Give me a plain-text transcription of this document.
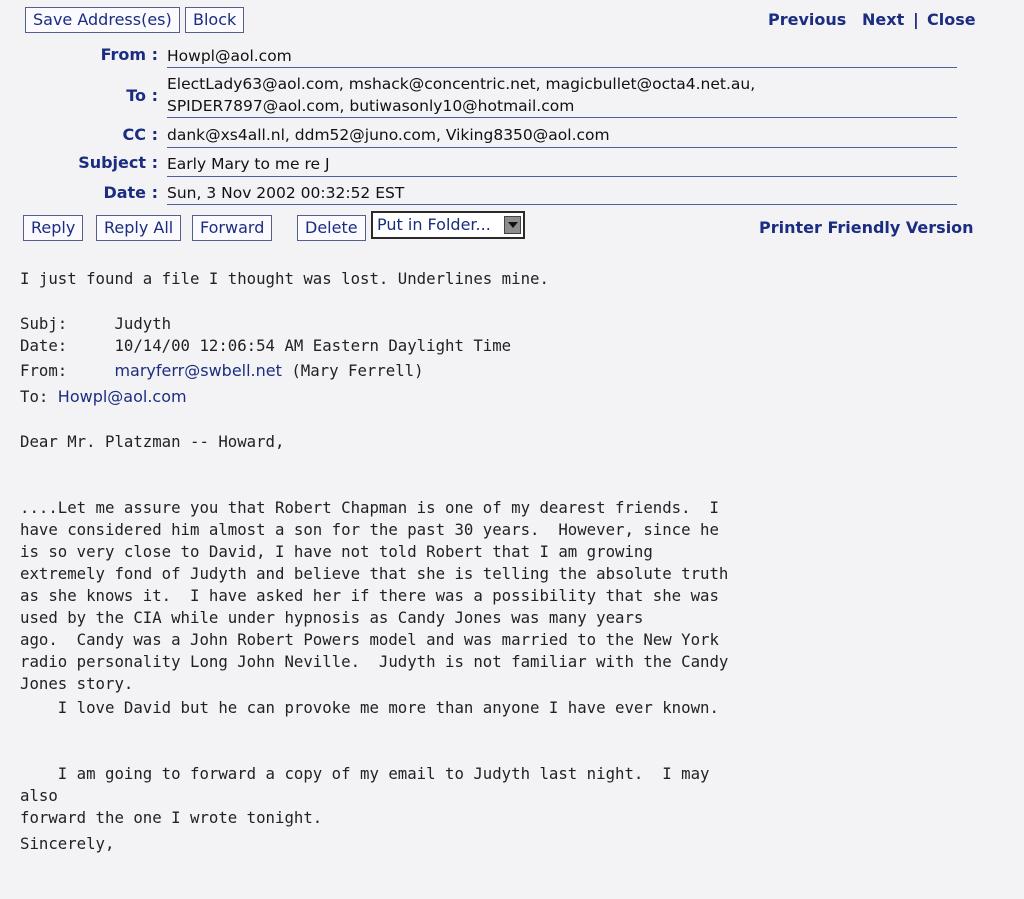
Save Address(es)	Block	Previous Next | Close
From : Howpl@aol.com
To :
ElectLady63@aol.com, mshack@concentric.net, magicbullet@octa4.net.au,
SPIDER7897@aol.com, butiwasonly10@hotmail.com
CC : dank@xs4all.nl, ddm52@juno.com, Viking8350@aol.com
Subject : Early Mary to me re J
Date : Sun, 3 Nov 2002 00:32:52 EST
Reply	Reply All	Forward	Delete	Put in Folder...	Printer Friendly Version
I just found a file I thought was lost. Underlines mine.
Subj:     Judyth
Date:     10/14/00 12:06:54 AM Eastern Daylight Time
From:     maryferr@swbell.net (Mary Ferrell)
To: Howpl@aol.com
Dear Mr. Platzman -- Howard,

....Let me assure you that Robert Chapman is one of my dearest friends.  I
have considered him almost a son for the past 30 years.  However, since he
is so very close to David, I have not told Robert that I am growing
extremely fond of Judyth and believe that she is telling the absolute truth
as she knows it.  I have asked her if there was a possibility that she was
used by the CIA while under hypnosis as Candy Jones was many years
ago.  Candy was a John Robert Powers model and was married to the New York
radio personality Long John Neville.  Judyth is not familiar with the Candy
Jones story.

I love David but he can provoke me more than anyone I have ever known.

I am going to forward a copy of my email to Judyth last night.  I may
also
forward the one I wrote tonight.

Sincerely,
